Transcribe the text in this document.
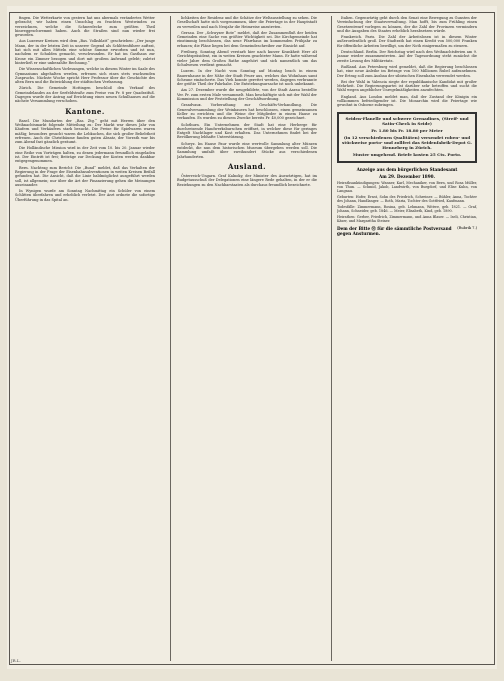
fingen. Die Wetterkarte von gestern hat uns abermals verändertes Wetter gebracht; wir haben einen Umschlag zu feuchten Westwinden zu verzeichnen, welche die Schneedecke zum größten Theil hinweggeschwemmt haben. Auch die Straßen sind nun wieder frei geworden.

Aus Luzerner Kreisen wird dem „Bas. Volksblatt“ geschrieben: „Der junge Mann, der in der letzten Zeit in unserer Gegend als Schlittenführer auftrat, hat sich mit allen Mitteln eine schöne Summe erworben und ist nun, nachdem er Schulden gemacht, verschwunden. Er hat im Gasthaus zur Krone ein Zimmer bezogen und dort mit großem Aufwand gelebt; zuletzt hinterließ er eine unbezahlte Rechnung.“

Die Wissenschaftlichen Vorlesungen, welche in diesem Winter im Saale des Gymnasiums abgehalten werden, erfreuen sich eines stets wachsenden Zuspruchs. Nächste Woche spricht Herr Professor über die Geschichte des alten Bern und die Entwicklung der städtischen Verfassung.

Zürich. Die Gemeinde Hottingen beschloß den Verkauf des Gemeindelandes an der Seefeldstraße zum Preise von Fr. 8 per Quadratfuß. Dagegen wurde der Antrag auf Errichtung eines neuen Schulhauses auf die nächste Versammlung verschoben.

Kantone.

Basel. Die Mundarten der „Bas. Ztg.“ geht mit Herren über den Weihnachtsmarkt folgende Mitteilung zu: Der Markt war dieses Jahr von Käufern und Verkäufern stark besucht. Die Preise für Spielwaren waren mäßig; besonders gesucht waren die Lebkuchen, die sich großer Beliebtheit erfreuen. Auch die Christbäume fanden guten Absatz, der Vorrath war bis zum Abend fast gänzlich geräumt.

Die Holländische Mission wird in der Zeit vom 10. bis 20. Januar wieder eine Reihe von Vorträgen halten, zu denen jedermann freundlich eingeladen ist. Der Eintritt ist frei; Beiträge zur Deckung der Kosten werden dankbar entgegengenommen.

Bern. Nachtrag zum Bericht: Die „Bund“ meldet, daß das Verhalten der Regierung in der Frage der Eisenbahnsubventionen in weiten Kreisen Beifall gefunden hat. Die Ansicht, daß die Linie baldmöglichst ausgeführt werden soll, ist allgemein; nur über die Art der Finanzierung gehen die Meinungen auseinander.

In Wynigen wurde am Sonntag Nachmittag ein Schüler von einem Schlitten überfahren und erheblich verletzt. Der Arzt ordnete die sofortige Überführung in das Spital an.

lichkeiten der Residenz und die Schätze der Weltausstellung zu sehen. Die Gesellschaft hatte sich vorgenommen, über die Feiertage in der Hauptstadt zu verweilen und nach Neujahr die Heimreise anzutreten.

Gersau. Der „Schwyzer Bote“ meldet, daß der Zusammenfluß der beiden Gemeinden eine Sache von größter Wichtigkeit sei. Die Kirchgemeinde hat einstimmig beschlossen, das neue Pfarrhaus im kommenden Frühjahr zu erbauen; die Pläne liegen bei dem Gemeindeschreiber zur Einsicht auf.

Freiburg. Sonntag Abend verstarb hier nach kurzer Krankheit Herr alt Gerichtspräsident, ein in weiten Kreisen geachteter Mann. Er hatte während vieler Jahre dem Großen Rathe angehört und sich namentlich um das Schulwesen verdient gemacht.

Luzern. In der Nacht vom Sonntag auf Montag brach in einem Bauernhause in der Nähe der Stadt Feuer aus, welches das Wohnhaus samt Scheune einäscherte. Das Vieh konnte gerettet werden, dagegen verbrannte der größte Theil der Fahrhabe. Die Entstehungsursache ist noch unbekannt.

Am 27. Dezember wurde die neugebildete, von der Stadt Aarau bestellte Ver. Pr. zum ersten Male versammelt. Man beschäftigte sich mit der Wahl der Kommission und der Feststellung der Geschäftsordnung.

Grandvaux. Vorberathung zur Geschäfts-Verhandlung. Die Generalversammlung der Weinbauern hat beschlossen, einen gemeinsamen Keller zu errichten und die Weine der Mitglieder in einem Hause zu verkaufen. Es wurden zu diesem Zwecke bereits Fr. 40,000 gezeichnet.

Solothurn. Ein Unternehmen der Stadt hat eine Herberge für durchreisende Handwerksburschen eröffnet, in welcher diese für geringes Entgelt Nachtlager und Kost erhalten. Das Unternehmen findet bei der Bevölkerung lebhafte Unterstützung.

Schwyz. Im Hause Paur wurde eine wertvolle Sammlung alter Münzen entdeckt, die nun dem historischen Museum übergeben werden soll. Die Sammlung umfaßt über zweihundert Stücke aus verschiedenen Jahrhunderten.

Ausland.

Österreich-Ungarn. Graf Kalnoky, der Minister des Auswärtigen, hat im Budgetausschuß der Delegationen eine längere Rede gehalten, in der er die Beziehungen zu den Nachbarstaaten als durchaus freundlich bezeichnete.

Italien. Gegenwärtig geht durch den Senat eine Bewegung zu Gunsten der Vereinfachung der Staatsverwaltung. Man hofft, bis zum Frühling einen Gesetzentwurf vorlegen zu können, der die Zahl der Provinzen vermindern und die Ausgaben des Staates erheblich herabsetzen würde.

Frankreich. Paris. Die Zahl der Arbeitslosen ist in diesem Winter außerordentlich groß. Der Stadtrath hat einen Kredit von 500,000 Franken für öffentliche Arbeiten bewilligt, um der Noth einigermaßen zu steuern.

Deutschland. Berlin. Der Reichstag wird nach den Weihnachtsferien am 9. Januar wieder zusammentreten. Auf der Tagesordnung steht zunächst die zweite Lesung des Militäretats.

Rußland. Aus Petersburg wird gemeldet, daß die Regierung beschlossen hat, eine neue Anleihe im Betrage von 100 Millionen Rubel aufzunehmen. Der Ertrag soll zum Ausbau der sibirischen Eisenbahn verwendet werden.

Bei der Wahl in Valencia siegte der republikanische Kandidat mit großer Mehrheit. Die Regierungspartei ist darüber sehr betroffen und sucht die Wahl wegen angeblicher Unregelmäßigkeiten anzufechten.

England. Aus London meldet man, daß der Zustand der Königin ein vollkommen befriedigender ist. Die Monarchin wird die Feiertage wie gewohnt in Osborne zubringen.

Seiden-Flanelle und schwere Grenadines, (Streif- und Satin-Check in Seide)

Fr. 1.80 bis Fr. 18.80 per Meter

(in 12 verschiedenen Qualitäten) versendet roben- und stückweise porto- und zollfrei das Seidenfabrik-Depot G. Henneberg in Zürich.

Muster umgehend. Briefe kosten 25 Cts. Porto.

Anzeige aus dem bürgerlichen Standesamt
Am 29. Dezember 1890.

Heirathsankündigungen: Wanner, Karl, Mechaniker, von Bern, und Rosa Müller, von Thun. — Schmid, Jakob, Landwirth, von Burgdorf, und Elise Kuhn, von Langnau.

Geburten: Hofer, Ernst, Sohn des Friedrich, Schreiner. — Bühler, Anna, Tochter des Johann, Handlanger. — Roth, Maria, Tochter des Gottfried, Kaufmann.

Todesfälle: Zimmermann, Rosina, geb. Lehmann, Wittwe, geb. 1821. — Graf, Johann, Schneider, geb. 1846. — Meier, Elisabeth, Kind, geb. 1890.

Heirathen: Gerber, Friedrich, Zimmermann, und Anna Blaser. — Iseli, Christian, Käser, und Margaritha Steiner.

(Rubrik 7.)
Dem der Bitte Ⓝ für die sämmtliche Postversand gegen Ansturmen.
JR.L.
